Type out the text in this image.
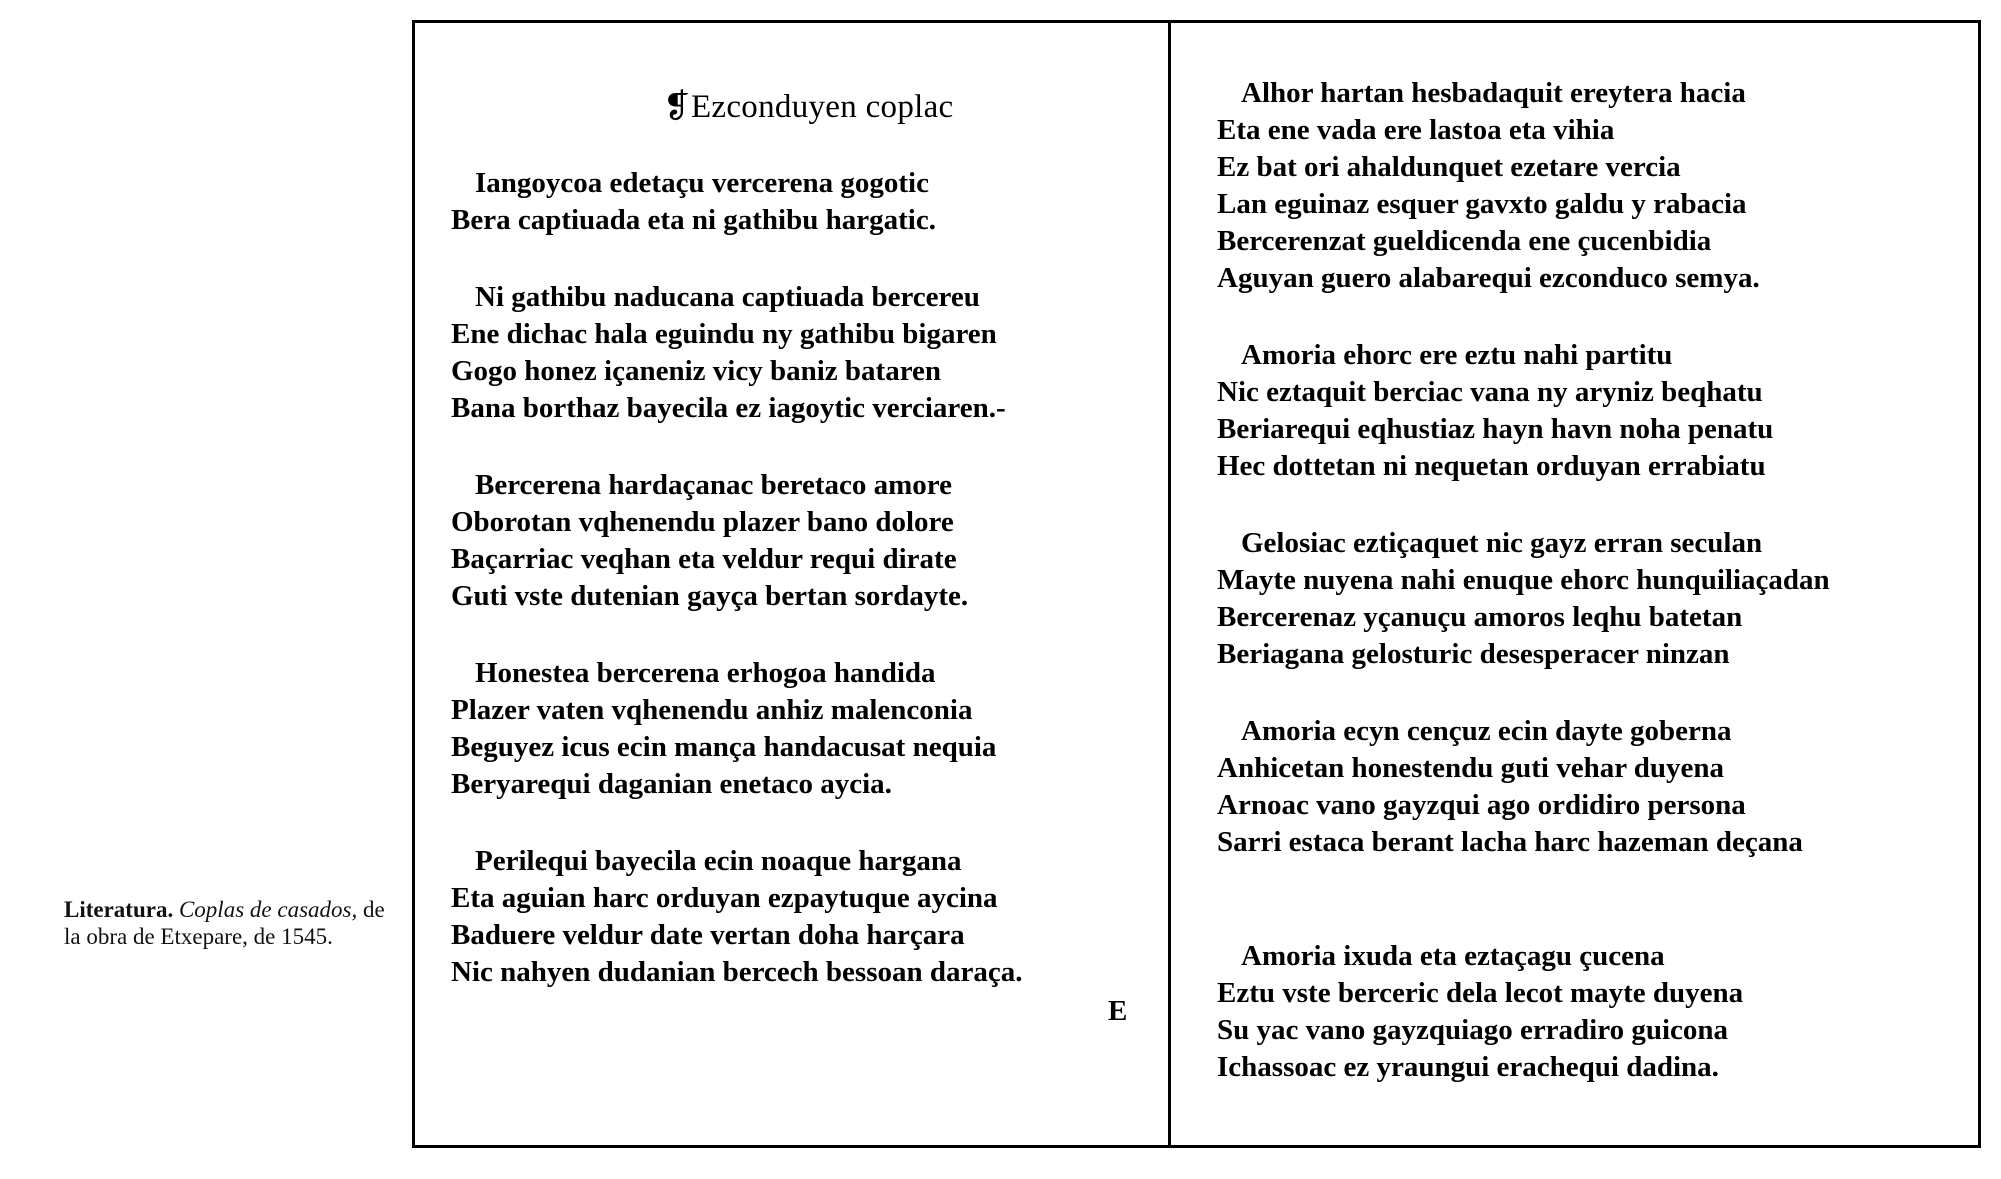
Literatura. Coplas de casados, de la obra de Etxepare, de 1545.
❡Ezconduyen coplac
Iangoycoa edetaçu vercerena gogotic
Bera captiuada eta ni gathibu hargatic.
Ni gathibu naducana captiuada bercereu
Ene dichac hala eguindu ny gathibu bigaren
Gogo honez içaneniz vicy baniz bataren
Bana borthaz bayecila ez iagoytic verciaren.-
Bercerena hardaçanac beretaco amore
Oborotan vqhenendu plazer bano dolore
Baçarriac veqhan eta veldur requi dirate
Guti vste dutenian gayça bertan sordayte.
Honestea bercerena erhogoa handida
Plazer vaten vqhenendu anhiz malenconia
Beguyez icus ecin mança handacusat nequia
Beryarequi daganian enetaco aycia.
Perilequi bayecila ecin noaque hargana
Eta aguian harc orduyan ezpaytuque aycina
Baduere veldur date vertan doha harçara
Nic nahyen dudanian bercech bessoan daraça.
E
Alhor hartan hesbadaquit ereytera hacia
Eta ene vada ere lastoa eta vihia
Ez bat ori ahaldunquet ezetare vercia
Lan eguinaz esquer gavxto galdu y rabacia
Bercerenzat gueldicenda ene çucenbidia
Aguyan guero alabarequi ezconduco semya.
Amoria ehorc ere eztu nahi partitu
Nic eztaquit berciac vana ny aryniz beqhatu
Beriarequi eqhustiaz hayn havn noha penatu
Hec dottetan ni nequetan orduyan errabiatu
Gelosiac eztiçaquet nic gayz erran seculan
Mayte nuyena nahi enuque ehorc hunquiliaçadan
Bercerenaz yçanuçu amoros leqhu batetan
Beriagana gelosturic desesperacer ninzan
Amoria ecyn cençuz ecin dayte goberna
Anhicetan honestendu guti vehar duyena
Arnoac vano gayzqui ago ordidiro persona
Sarri estaca berant lacha harc hazeman deçana
Amoria ixuda eta eztaçagu çucena
Eztu vste berceric dela lecot mayte duyena
Su yac vano gayzquiago erradiro guicona
Ichassoac ez yraungui erachequi dadina.
